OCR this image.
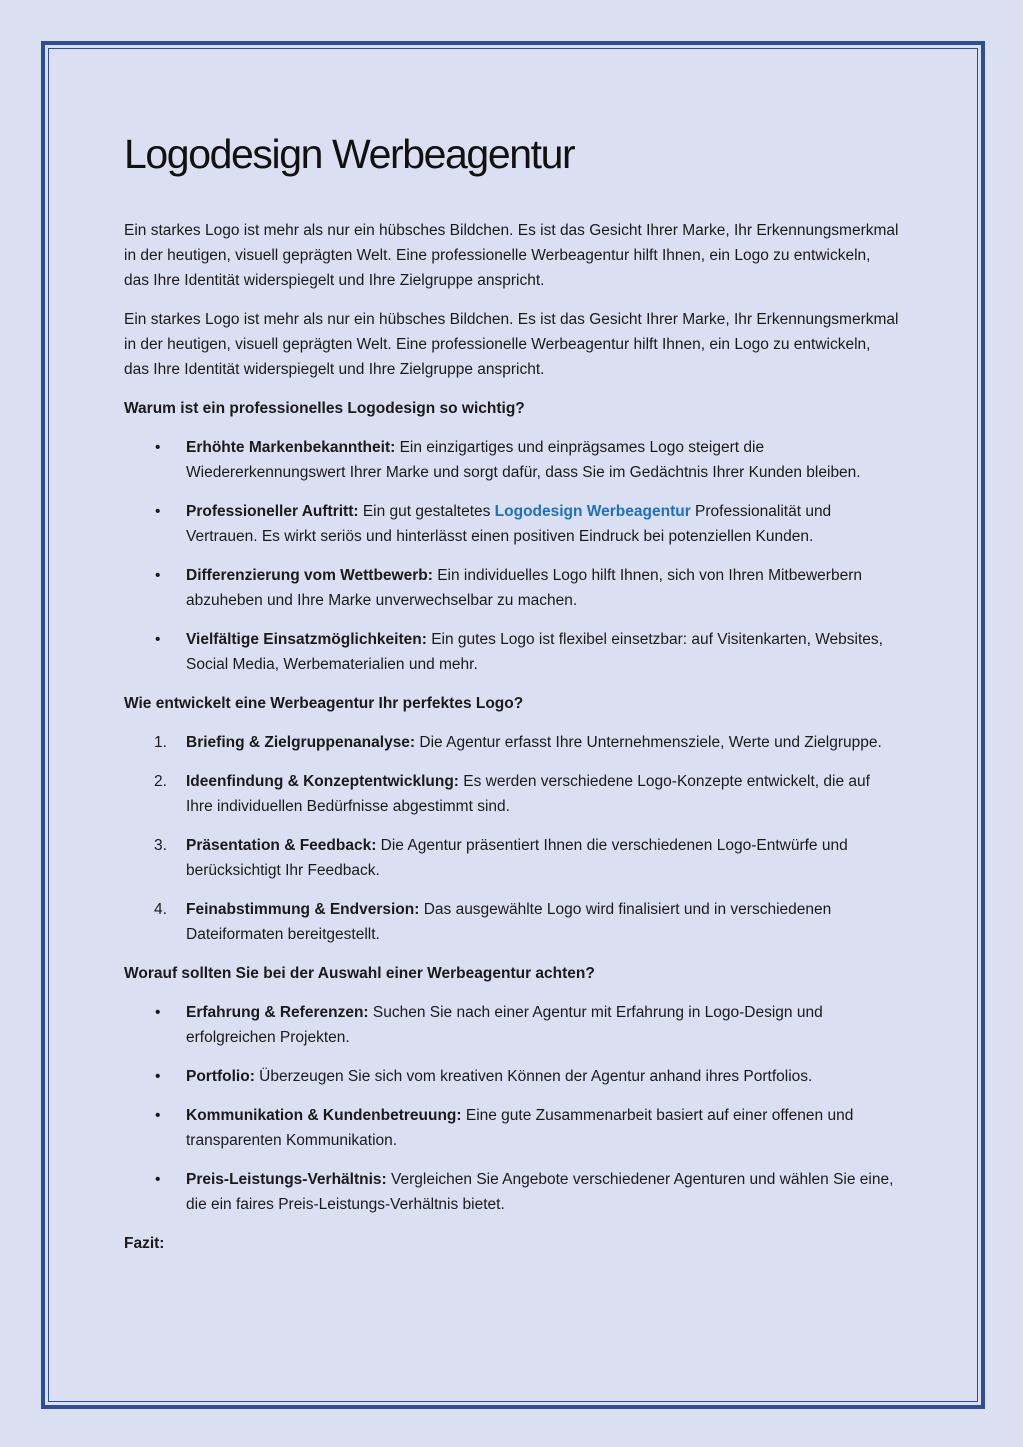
Logodesign Werbeagentur

Ein starkes Logo ist mehr als nur ein hübsches Bildchen. Es ist das Gesicht Ihrer Marke, Ihr Erkennungsmerkmal in der heutigen, visuell geprägten Welt. Eine professionelle Werbeagentur hilft Ihnen, ein Logo zu entwickeln, das Ihre Identität widerspiegelt und Ihre Zielgruppe anspricht.

Ein starkes Logo ist mehr als nur ein hübsches Bildchen. Es ist das Gesicht Ihrer Marke, Ihr Erkennungsmerkmal in der heutigen, visuell geprägten Welt. Eine professionelle Werbeagentur hilft Ihnen, ein Logo zu entwickeln, das Ihre Identität widerspiegelt und Ihre Zielgruppe anspricht.

Warum ist ein professionelles Logodesign so wichtig?
•	Erhöhte Markenbekanntheit: Ein einzigartiges und einprägsames Logo steigert die Wiedererkennungswert Ihrer Marke und sorgt dafür, dass Sie im Gedächtnis Ihrer Kunden bleiben.
•	Professioneller Auftritt: Ein gut gestaltetes Logodesign Werbeagentur Professionalität und Vertrauen. Es wirkt seriös und hinterlässt einen positiven Eindruck bei potenziellen Kunden.
•	Differenzierung vom Wettbewerb: Ein individuelles Logo hilft Ihnen, sich von Ihren Mitbewerbern abzuheben und Ihre Marke unverwechselbar zu machen.
•	Vielfältige Einsatzmöglichkeiten: Ein gutes Logo ist flexibel einsetzbar: auf Visitenkarten, Websites, Social Media, Werbematerialien und mehr.
Wie entwickelt eine Werbeagentur Ihr perfektes Logo?
1.	Briefing & Zielgruppenanalyse: Die Agentur erfasst Ihre Unternehmensziele, Werte und Zielgruppe.
2.	Ideenfindung & Konzeptentwicklung: Es werden verschiedene Logo-Konzepte entwickelt, die auf Ihre individuellen Bedürfnisse abgestimmt sind.
3.	Präsentation & Feedback: Die Agentur präsentiert Ihnen die verschiedenen Logo-Entwürfe und berücksichtigt Ihr Feedback.
4.	Feinabstimmung & Endversion: Das ausgewählte Logo wird finalisiert und in verschiedenen Dateiformaten bereitgestellt.
Worauf sollten Sie bei der Auswahl einer Werbeagentur achten?
•	Erfahrung & Referenzen: Suchen Sie nach einer Agentur mit Erfahrung in Logo-Design und erfolgreichen Projekten.
•	Portfolio: Überzeugen Sie sich vom kreativen Können der Agentur anhand ihres Portfolios.
•	Kommunikation & Kundenbetreuung: Eine gute Zusammenarbeit basiert auf einer offenen und transparenten Kommunikation.
•	Preis-Leistungs-Verhältnis: Vergleichen Sie Angebote verschiedener Agenturen und wählen Sie eine, die ein faires Preis-Leistungs-Verhältnis bietet.
Fazit:
